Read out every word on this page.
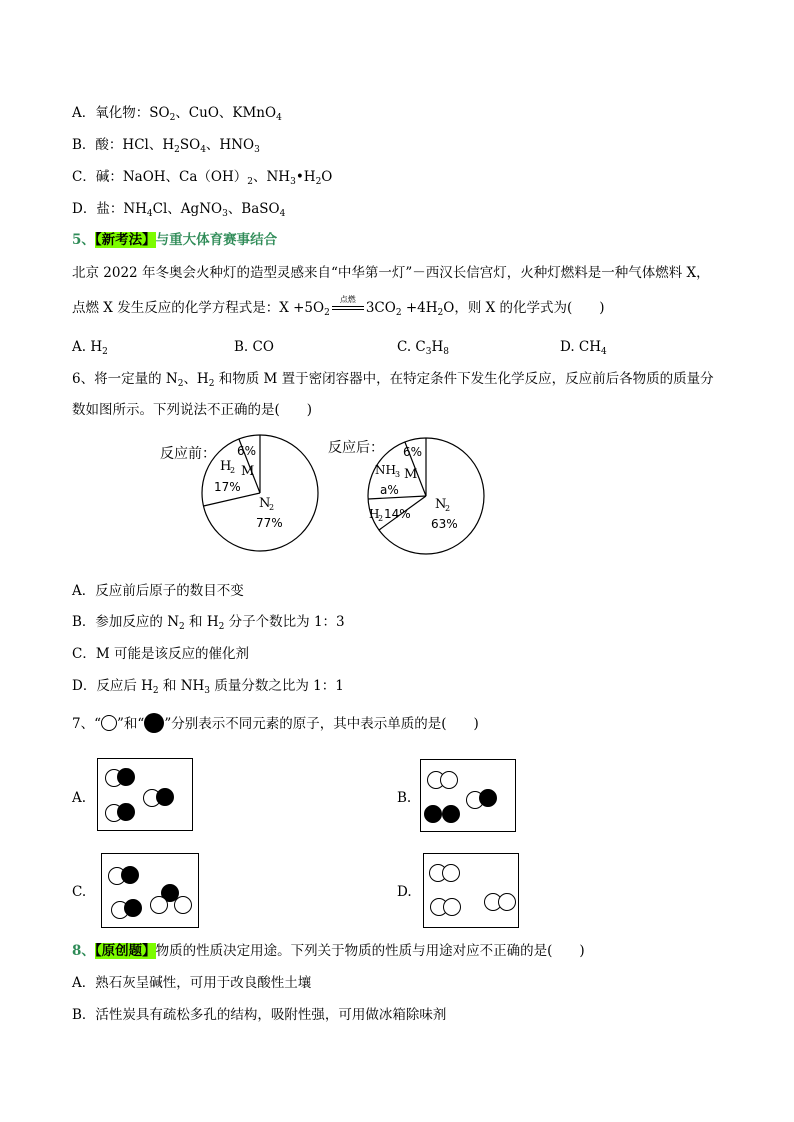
A．氧化物：$SO_2$、CuO、KMnO$_4$
B．酸：HCl、$H_2SO_4$、$HNO_3$
C．碱：NaOH、$Ca(OH)_2$、$NH_3•H_2O$
D．盐：$NH_4Cl$、AgNO$_3$、BaSO$_4$
5、【新考法】与重大体育赛事结合
北京 2022 年冬奥会火种灯的造型灵感来自“中华第一灯”－西汉长信宫灯，火种灯燃料是一种气体燃料 X，
点燃 X 发生反应的化学方程式是：$X +5O_2$
点燃
$3CO_2 +4H_2O$，则 X 的化学式为(　　)
A. $H_2$	B. CO	C. $C_3H_8$	D. $CH_4$
6、将一定量的 $N_2$、$H_2$ 和物质 M 置于密闭容器中，在特定条件下发生化学反应，反应前后各物质的质量分
数如图所示。下列说法不正确的是(　　)
反应前： 6%
M
H
2
17%
N
2
77%
反应后： 6%
M
NH 3
a%
H
2 14%
N
2
63%
A．反应前后原子的数目不变
B．参加反应的 $N_2$ 和 $H_2$ 分子个数比为 1：3
C．M 可能是该反应的催化剂
D．反应后 $H_2$ 和 $NH_3$ 质量分数之比为 1：1
7、“ ”和“ ”分别表示不同元素的原子，其中表示单质的是(　　)
A.	B.
C.	D.
8、【原创题】物质的性质决定用途。下列关于物质的性质与用途对应不正确的是(　　)
A．熟石灰呈碱性，可用于改良酸性土壤
B．活性炭具有疏松多孔的结构，吸附性强，可用做冰箱除味剂
